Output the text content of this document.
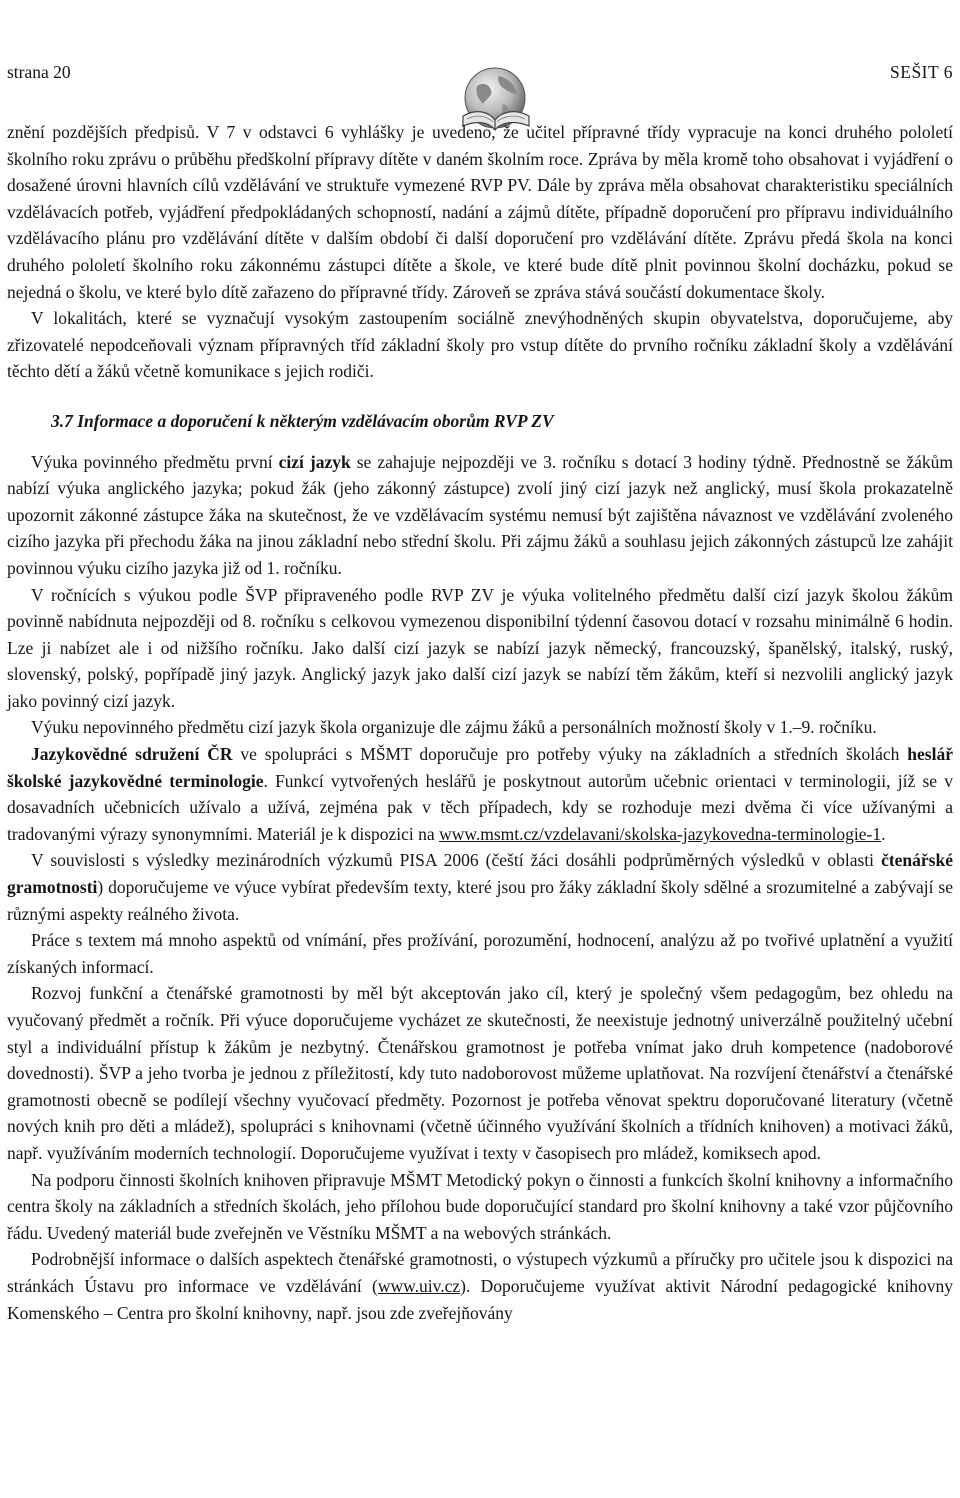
strana 20	SEŠIT 6

znění pozdějších předpisů. V 7 v odstavci 6 vyhlášky je uvedeno, že učitel přípravné třídy vypracuje na konci druhého pololetí školního roku zprávu o průběhu předškolní přípravy dítěte v daném školním roce. Zpráva by měla kromě toho obsahovat i vyjádření o dosažené úrovni hlavních cílů vzdělávání ve struktuře vymezené RVP PV. Dále by zpráva měla obsahovat charakteristiku speciálních vzdělávacích potřeb, vyjádření předpokládaných schopností, nadání a zájmů dítěte, případně doporučení pro přípravu individuálního vzdělávacího plánu pro vzdělávání dítěte v dalším období či další doporučení pro vzdělávání dítěte. Zprávu předá škola na konci druhého pololetí školního roku zákonnému zástupci dítěte a škole, ve které bude dítě plnit povinnou školní docházku, pokud se nejedná o školu, ve které bylo dítě zařazeno do přípravné třídy. Zároveň se zpráva stává součástí dokumentace školy.

V lokalitách, které se vyznačují vysokým zastoupením sociálně znevýhodněných skupin obyvatelstva, doporučujeme, aby zřizovatelé nepodceňovali význam přípravných tříd základní školy pro vstup dítěte do prvního ročníku základní školy a vzdělávání těchto dětí a žáků včetně komunikace s jejich rodiči.

3.7 Informace a doporučení k některým vzdělávacím oborům RVP ZV

Výuka povinného předmětu první cizí jazyk se zahajuje nejpozději ve 3. ročníku s dotací 3 hodiny týdně. Přednostně se žákům nabízí výuka anglického jazyka; pokud žák (jeho zákonný zástupce) zvolí jiný cizí jazyk než anglický, musí škola prokazatelně upozornit zákonné zástupce žáka na skutečnost, že ve vzdělávacím systému nemusí být zajištěna návaznost ve vzdělávání zvoleného cizího jazyka při přechodu žáka na jinou základní nebo střední školu. Při zájmu žáků a souhlasu jejich zákonných zástupců lze zahájit povinnou výuku cizího jazyka již od 1. ročníku.

V ročnících s výukou podle ŠVP připraveného podle RVP ZV je výuka volitelného předmětu další cizí jazyk školou žákům povinně nabídnuta nejpozději od 8. ročníku s celkovou vymezenou disponibilní týdenní časovou dotací v rozsahu minimálně 6 hodin. Lze ji nabízet ale i od nižšího ročníku. Jako další cizí jazyk se nabízí jazyk německý, francouzský, španělský, italský, ruský, slovenský, polský, popřípadě jiný jazyk. Anglický jazyk jako další cizí jazyk se nabízí těm žákům, kteří si nezvolili anglický jazyk jako povinný cizí jazyk.

Výuku nepovinného předmětu cizí jazyk škola organizuje dle zájmu žáků a personálních možností školy v 1.–9. ročníku.

Jazykovědné sdružení ČR ve spolupráci s MŠMT doporučuje pro potřeby výuky na základních a středních školách heslář školské jazykovědné terminologie. Funkcí vytvořených heslářů je poskytnout autorům učebnic orientaci v terminologii, jíž se v dosavadních učebnicích užívalo a užívá, zejména pak v těch případech, kdy se rozhoduje mezi dvěma či více užívanými a tradovanými výrazy synonymními. Materiál je k dispozici na www.msmt.cz/vzdelavani/skolska-jazykovedna-terminologie-1.

V souvislosti s výsledky mezinárodních výzkumů PISA 2006 (čeští žáci dosáhli podprůměrných výsledků v oblasti čtenářské gramotnosti) doporučujeme ve výuce vybírat především texty, které jsou pro žáky základní školy sdělné a srozumitelné a zabývají se různými aspekty reálného života.

Práce s textem má mnoho aspektů od vnímání, přes prožívání, porozumění, hodnocení, analýzu až po tvořivé uplatnění a využití získaných informací.

Rozvoj funkční a čtenářské gramotnosti by měl být akceptován jako cíl, který je společný všem pedagogům, bez ohledu na vyučovaný předmět a ročník. Při výuce doporučujeme vycházet ze skutečnosti, že neexistuje jednotný univerzálně použitelný učební styl a individuální přístup k žákům je nezbytný. Čtenářskou gramotnost je potřeba vnímat jako druh kompetence (nadoborové dovednosti). ŠVP a jeho tvorba je jednou z příležitostí, kdy tuto nadoborovost můžeme uplatňovat. Na rozvíjení čtenářství a čtenářské gramotnosti obecně se podílejí všechny vyučovací předměty. Pozornost je potřeba věnovat spektru doporučované literatury (včetně nových knih pro děti a mládež), spolupráci s knihovnami (včetně účinného využívání školních a třídních knihoven) a motivaci žáků, např. využíváním moderních technologií. Doporučujeme využívat i texty v časopisech pro mládež, komiksech apod.

Na podporu činnosti školních knihoven připravuje MŠMT Metodický pokyn o činnosti a funkcích školní knihovny a informačního centra školy na základních a středních školách, jeho přílohou bude doporučující standard pro školní knihovny a také vzor půjčovního řádu. Uvedený materiál bude zveřejněn ve Věstníku MŠMT a na webových stránkách.

Podrobnější informace o dalších aspektech čtenářské gramotnosti, o výstupech výzkumů a příručky pro učitele jsou k dispozici na stránkách Ústavu pro informace ve vzdělávání (www.uiv.cz). Doporučujeme využívat aktivit Národní pedagogické knihovny Komenského – Centra pro školní knihovny, např. jsou zde zveřejňovány
